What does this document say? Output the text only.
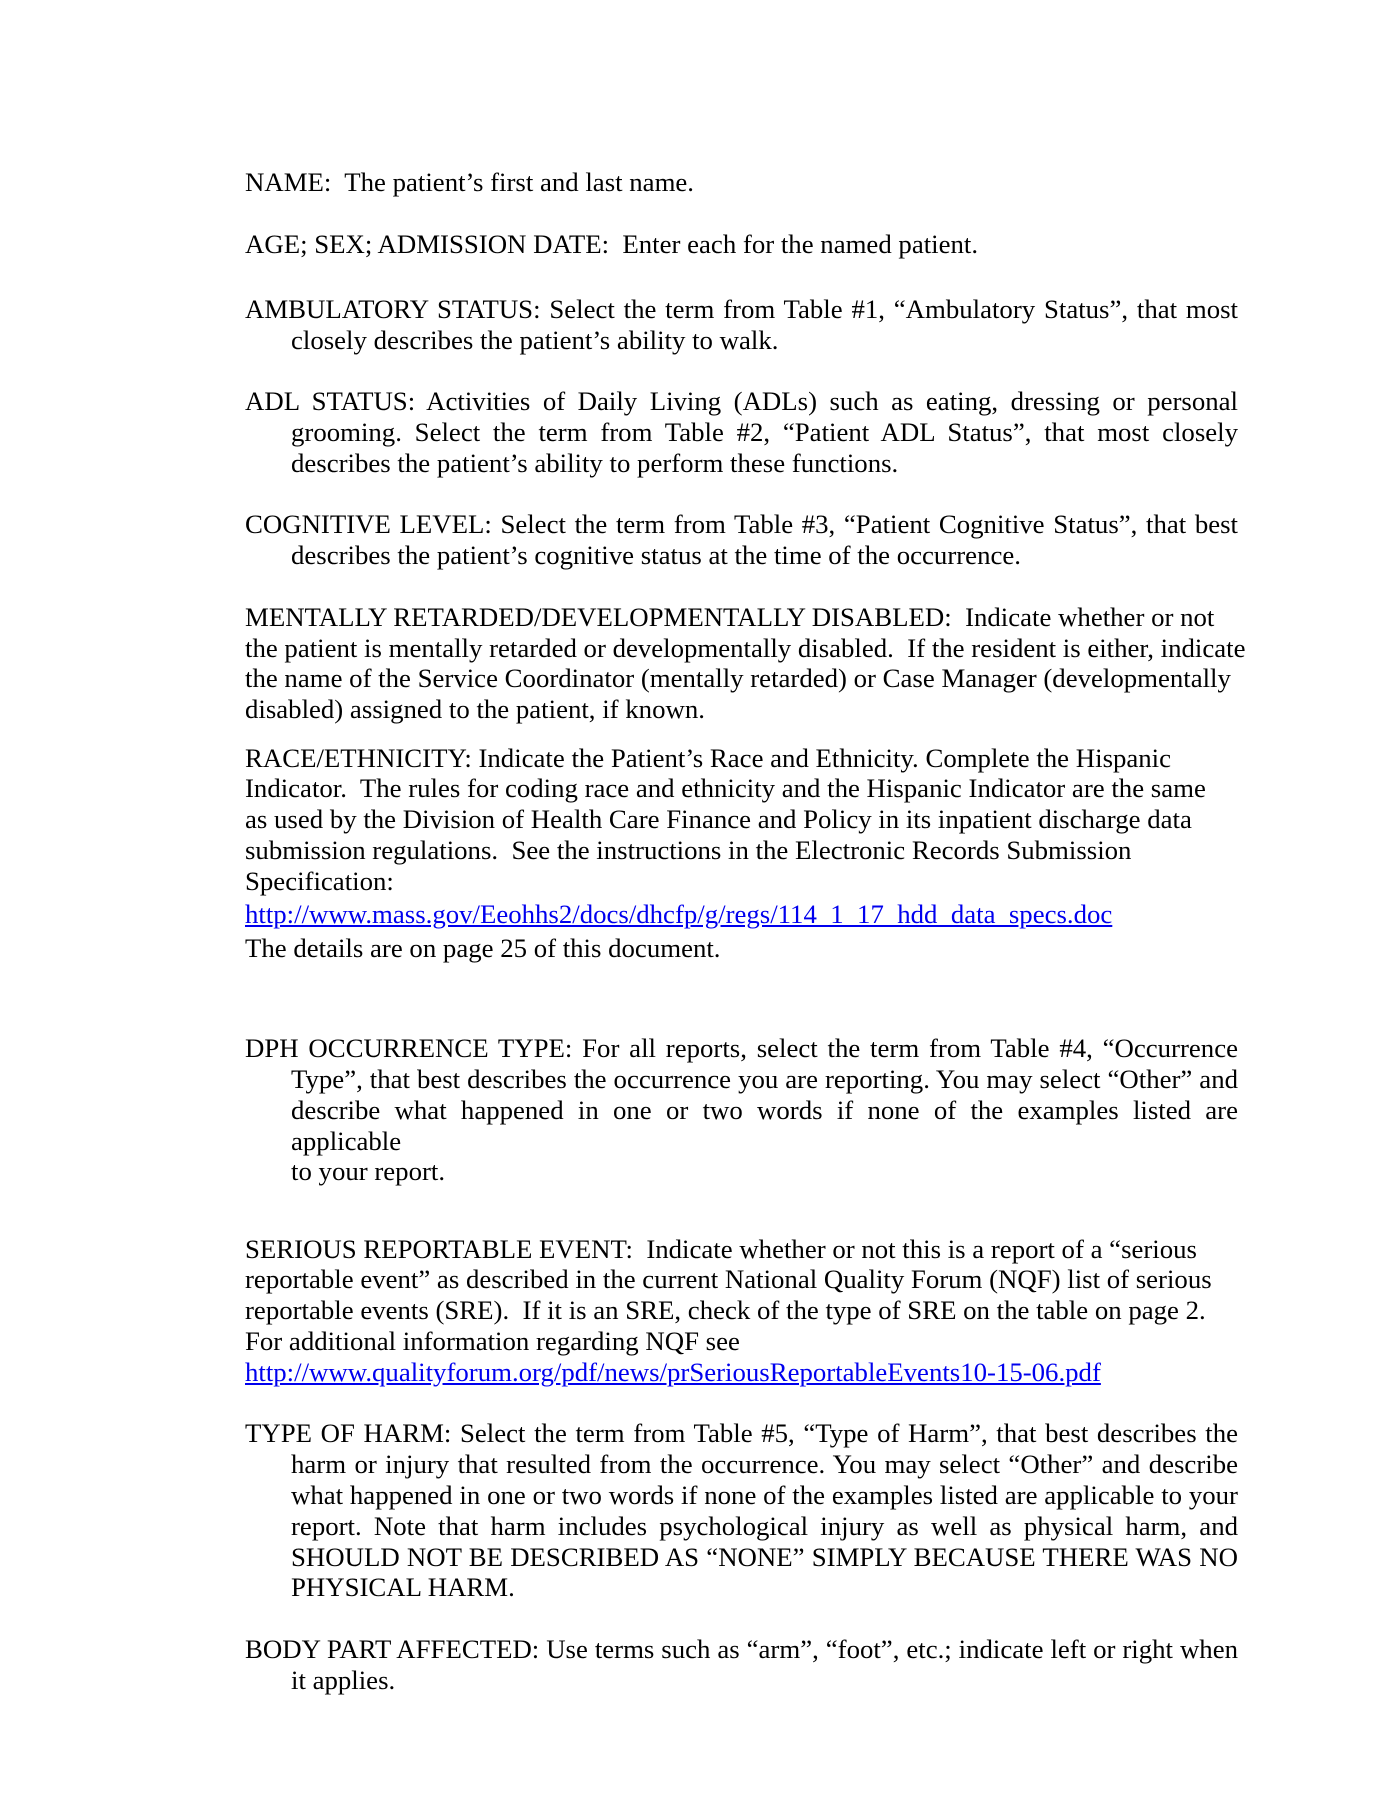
NAME:  The patient’s first and last name.
AGE; SEX; ADMISSION DATE:  Enter each for the named patient.
AMBULATORY STATUS: Select the term from Table #1, “Ambulatory Status”, that most
closely describes the patient’s ability to walk.
ADL STATUS: Activities of Daily Living (ADLs) such as eating, dressing or personal
grooming. Select the term from Table #2, “Patient ADL Status”, that most closely
describes the patient’s ability to perform these functions.
COGNITIVE LEVEL: Select the term from Table #3, “Patient Cognitive Status”, that best
describes the patient’s cognitive status at the time of the occurrence.
MENTALLY RETARDED/DEVELOPMENTALLY DISABLED:  Indicate whether or not
the patient is mentally retarded or developmentally disabled.  If the resident is either, indicate
the name of the Service Coordinator (mentally retarded) or Case Manager (developmentally
disabled) assigned to the patient, if known.
RACE/ETHNICITY: Indicate the Patient’s Race and Ethnicity. Complete the Hispanic
Indicator.  The rules for coding race and ethnicity and the Hispanic Indicator are the same
as used by the Division of Health Care Finance and Policy in its inpatient discharge data
submission regulations.  See the instructions in the Electronic Records Submission
Specification:
http://www.mass.gov/Eeohhs2/docs/dhcfp/g/regs/114_1_17_hdd_data_specs.doc
The details are on page 25 of this document.
DPH OCCURRENCE TYPE: For all reports, select the term from Table #4, “Occurrence
Type”, that best describes the occurrence you are reporting. You may select “Other” and
describe what happened in one or two words if none of the examples listed are applicable
to your report.
SERIOUS REPORTABLE EVENT:  Indicate whether or not this is a report of a “serious
reportable event” as described in the current National Quality Forum (NQF) list of serious
reportable events (SRE).  If it is an SRE, check of the type of SRE on the table on page 2.
For additional information regarding NQF see
http://www.qualityforum.org/pdf/news/prSeriousReportableEvents10-15-06.pdf
TYPE OF HARM: Select the term from Table #5, “Type of Harm”, that best describes the
harm or injury that resulted from the occurrence. You may select “Other” and describe
what happened in one or two words if none of the examples listed are applicable to your
report. Note that harm includes psychological injury as well as physical harm, and
SHOULD NOT BE DESCRIBED AS “NONE” SIMPLY BECAUSE THERE WAS NO
PHYSICAL HARM.
BODY PART AFFECTED: Use terms such as “arm”, “foot”, etc.; indicate left or right when
it applies.
